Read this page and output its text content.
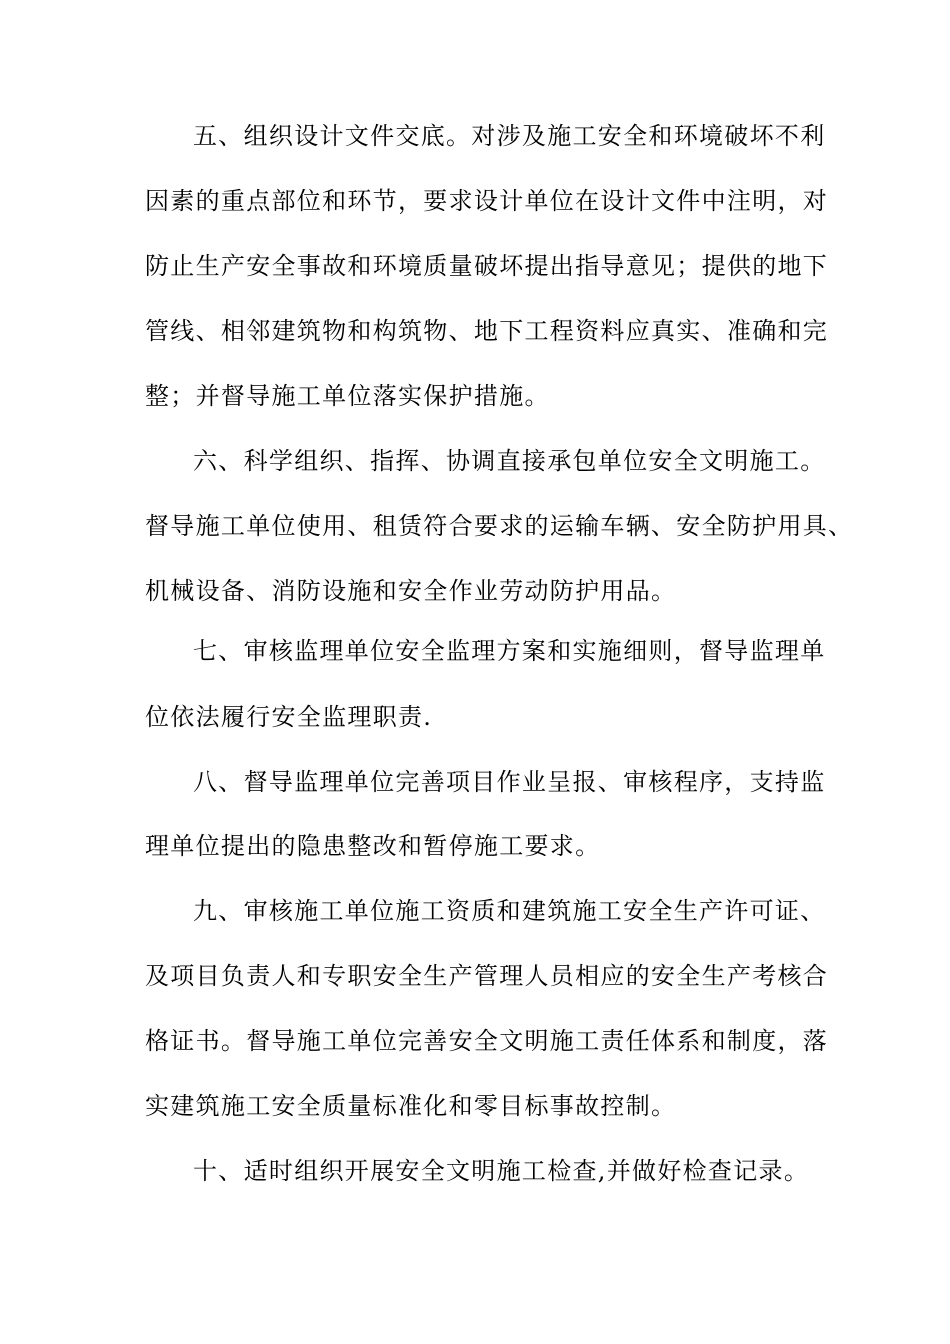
五、组织设计文件交底。对涉及施工安全和环境破坏不利
因素的重点部位和环节，要求设计单位在设计文件中注明，对
防止生产安全事故和环境质量破坏提出指导意见；提供的地下
管线、相邻建筑物和构筑物、地下工程资料应真实、准确和完
整；并督导施工单位落实保护措施。
六、科学组织、指挥、协调直接承包单位安全文明施工。
督导施工单位使用、租赁符合要求的运输车辆、安全防护用具、
机械设备、消防设施和安全作业劳动防护用品。
七、审核监理单位安全监理方案和实施细则，督导监理单
位依法履行安全监理职责.
八、督导监理单位完善项目作业呈报、审核程序，支持监
理单位提出的隐患整改和暂停施工要求。
九、审核施工单位施工资质和建筑施工安全生产许可证、
及项目负责人和专职安全生产管理人员相应的安全生产考核合
格证书。督导施工单位完善安全文明施工责任体系和制度，落
实建筑施工安全质量标准化和零目标事故控制。
十、适时组织开展安全文明施工检查,并做好检查记录。
